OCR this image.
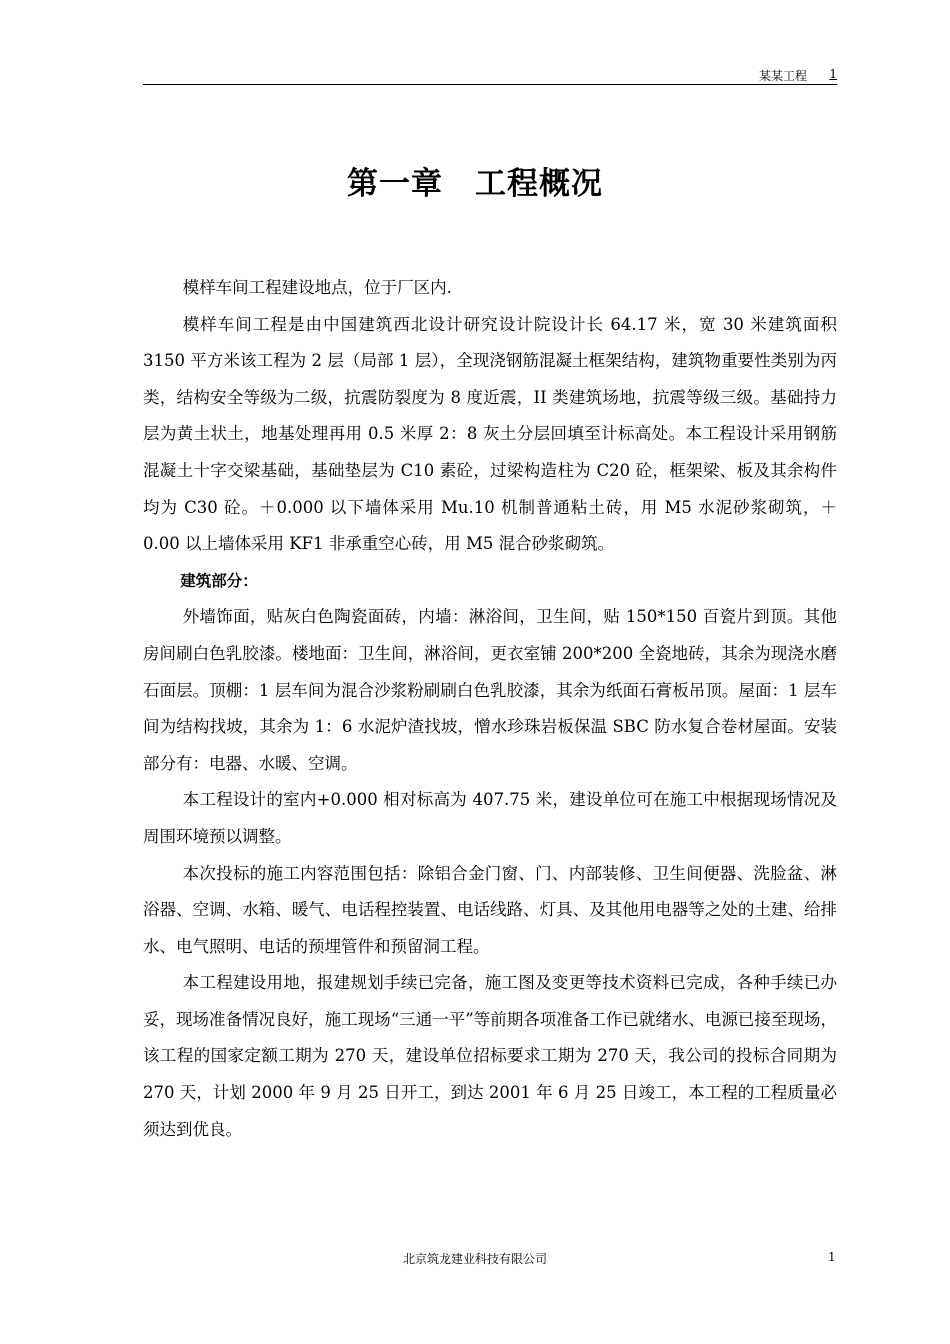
某某工程 1
第一章　工程概况

模样车间工程建设地点，位于厂区内.

模样车间工程是由中国建筑西北设计研究设计院设计长 64.17 米，宽 30 米建筑面积 3150 平方米该工程为 2 层（局部 1 层），全现浇钢筋混凝土框架结构，建筑物重要性类别为丙类，结构安全等级为二级，抗震防裂度为 8 度近震，II 类建筑场地，抗震等级三级。基础持力层为黄土状土，地基处理再用 0.5 米厚 2：8 灰土分层回填至计标高处。本工程设计采用钢筋混凝土十字交梁基础，基础垫层为 C10 素砼，过梁构造柱为 C20 砼，框架梁、板及其余构件均为 C30 砼。＋0.000 以下墙体采用 Mu.10 机制普通粘土砖，用 M5 水泥砂浆砌筑，＋0.00 以上墙体采用 KF1 非承重空心砖，用 M5 混合砂浆砌筑。

建筑部分：

外墙饰面，贴灰白色陶瓷面砖，内墙：淋浴间，卫生间，贴 150*150 百瓷片到顶。其他房间刷白色乳胶漆。楼地面：卫生间，淋浴间，更衣室铺 200*200 全瓷地砖，其余为现浇水磨石面层。顶棚：1 层车间为混合沙浆粉刷刷白色乳胶漆，其余为纸面石膏板吊顶。屋面：1 层车间为结构找坡，其余为 1：6 水泥炉渣找坡，憎水珍珠岩板保温 SBC 防水复合卷材屋面。安装部分有：电器、水暖、空调。

本工程设计的室内+0.000 相对标高为 407.75 米，建设单位可在施工中根据现场情况及周围环境预以调整。

本次投标的施工内容范围包括：除铝合金门窗、门、内部装修、卫生间便器、洗脸盆、淋浴器、空调、水箱、暖气、电话程控装置、电话线路、灯具、及其他用电器等之处的土建、给排水、电气照明、电话的预埋管件和预留洞工程。

本工程建设用地，报建规划手续已完备，施工图及变更等技术资料已完成，各种手续已办妥，现场准备情况良好，施工现场“三通一平”等前期各项准备工作已就绪水、电源已接至现场，该工程的国家定额工期为 270 天，建设单位招标要求工期为 270 天，我公司的投标合同期为 270 天，计划 2000 年 9 月 25 日开工，到达 2001 年 6 月 25 日竣工，本工程的工程质量必须达到优良。

北京筑龙建业科技有限公司	1
